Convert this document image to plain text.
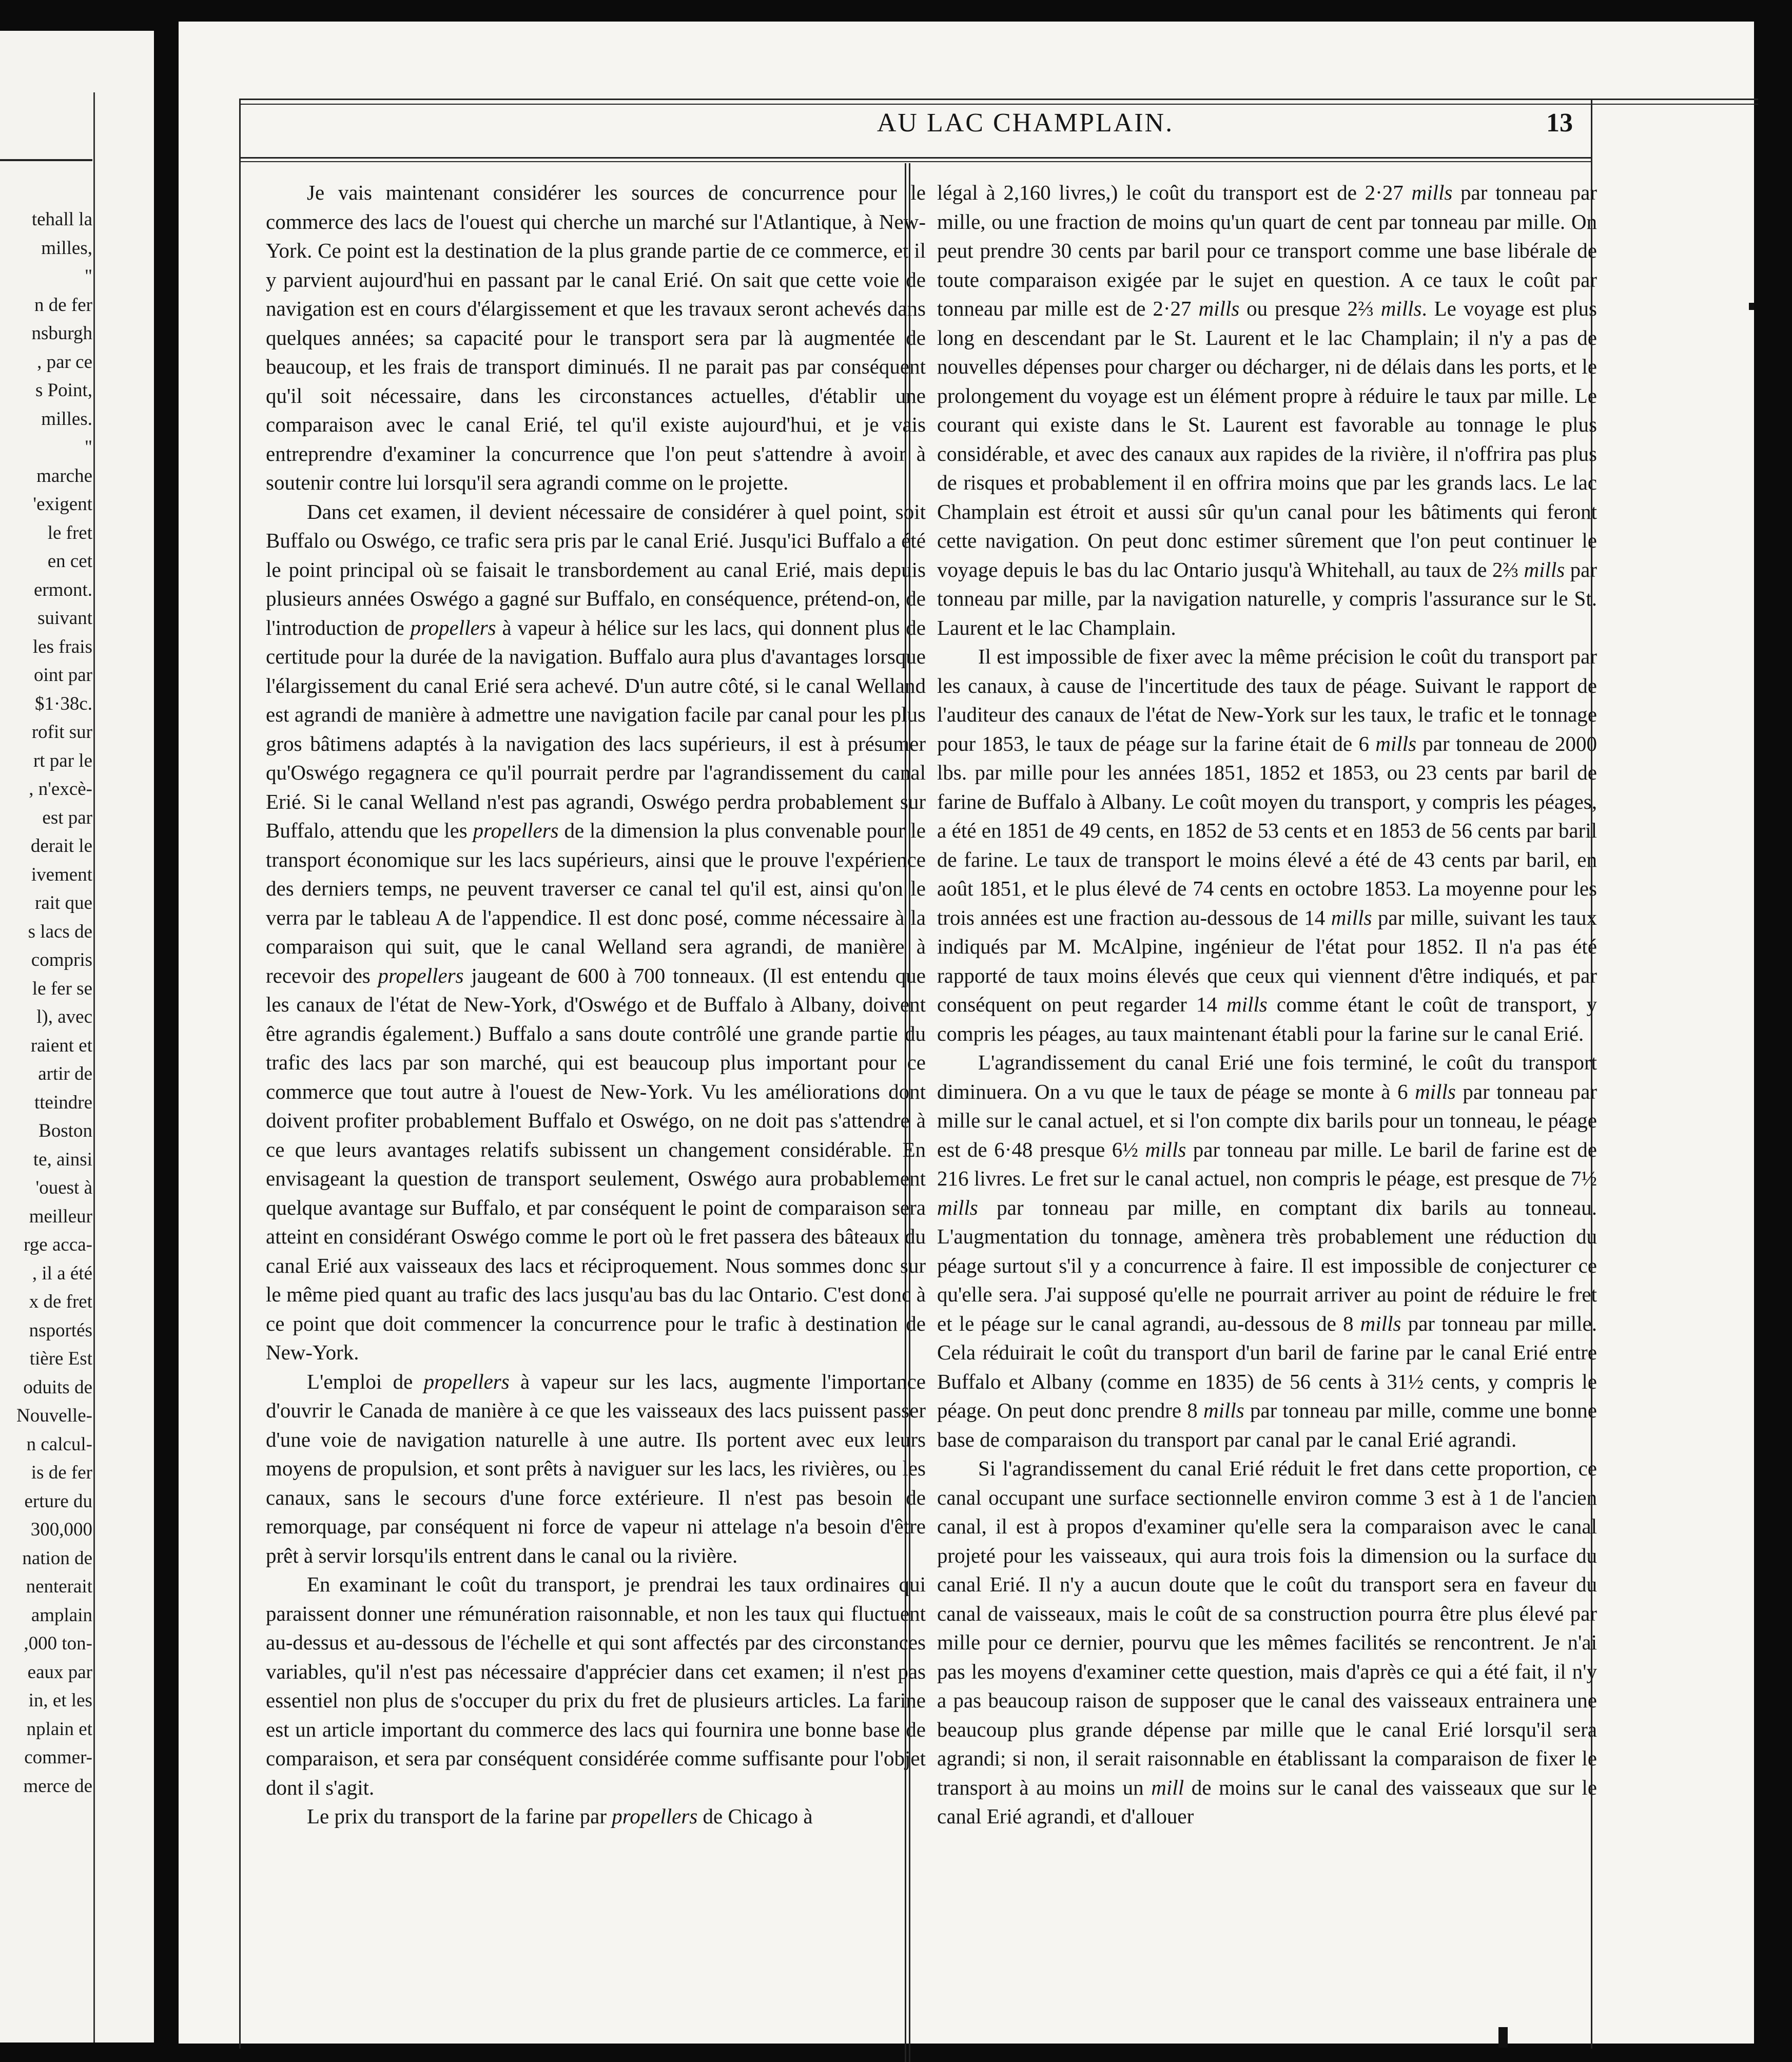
tehall la
milles,
"
n de fer
nsburgh
, par ce
s Point,
milles.
"
marche
'exigent
le fret
en cet
ermont.
suivant
les frais
oint par
$1·38c.
rofit sur
rt par le
, n'excè-
est par
derait le
ivement
rait que
s lacs de
compris
le fer se
l), avec
raient et
artir de
tteindre
Boston
te, ainsi
'ouest à
meilleur
rge acca-
, il a été
x de fret
nsportés
tière Est
oduits de
Nouvelle-
n calcul-
is de fer
erture du
300,000
nation de
nenterait
amplain
,000 ton-
eaux par
in, et les
nplain et
commer-
merce de
AU LAC CHAMPLAIN.	13

Je vais maintenant considérer les sources de concurrence pour le commerce des lacs de l'ouest qui cherche un marché sur l'Atlantique, à New-York. Ce point est la destination de la plus grande partie de ce commerce, et il y parvient aujourd'hui en passant par le canal Erié. On sait que cette voie de navigation est en cours d'élargissement et que les travaux seront achevés dans quelques années; sa capacité pour le transport sera par là augmentée de beaucoup, et les frais de transport diminués. Il ne parait pas par conséquent qu'il soit nécessaire, dans les circonstances actuelles, d'établir une comparaison avec le canal Erié, tel qu'il existe aujourd'hui, et je vais entreprendre d'examiner la concurrence que l'on peut s'attendre à avoir à soutenir contre lui lorsqu'il sera agrandi comme on le projette.

Dans cet examen, il devient nécessaire de considérer à quel point, soit Buffalo ou Oswégo, ce trafic sera pris par le canal Erié. Jusqu'ici Buffalo a été le point principal où se faisait le transbordement au canal Erié, mais depuis plusieurs années Oswégo a gagné sur Buffalo, en conséquence, prétend-on, de l'introduction de propellers à vapeur à hélice sur les lacs, qui donnent plus de certitude pour la durée de la navigation. Buffalo aura plus d'avantages lorsque l'élargissement du canal Erié sera achevé. D'un autre côté, si le canal Welland est agrandi de manière à admettre une navigation facile par canal pour les plus gros bâtimens adaptés à la navigation des lacs supérieurs, il est à présumer qu'Oswégo regagnera ce qu'il pourrait perdre par l'agrandissement du canal Erié. Si le canal Welland n'est pas agrandi, Oswégo perdra probablement sur Buffalo, attendu que les propellers de la dimension la plus convenable pour le transport économique sur les lacs supérieurs, ainsi que le prouve l'expérience des derniers temps, ne peuvent traverser ce canal tel qu'il est, ainsi qu'on le verra par le tableau A de l'appendice. Il est donc posé, comme nécessaire à la comparaison qui suit, que le canal Welland sera agrandi, de manière à recevoir des propellers jaugeant de 600 à 700 tonneaux. (Il est entendu que les canaux de l'état de New-York, d'Oswégo et de Buffalo à Albany, doivent être agrandis également.) Buffalo a sans doute contrôlé une grande partie du trafic des lacs par son marché, qui est beaucoup plus important pour ce commerce que tout autre à l'ouest de New-York. Vu les améliorations dont doivent profiter probablement Buffalo et Oswégo, on ne doit pas s'attendre à ce que leurs avantages relatifs subissent un changement considérable. En envisageant la question de transport seulement, Oswégo aura probablement quelque avantage sur Buffalo, et par conséquent le point de comparaison sera atteint en considérant Oswégo comme le port où le fret passera des bâteaux du canal Erié aux vaisseaux des lacs et réciproquement. Nous sommes donc sur le même pied quant au trafic des lacs jusqu'au bas du lac Ontario. C'est donc à ce point que doit commencer la concurrence pour le trafic à destination de New-York.

L'emploi de propellers à vapeur sur les lacs, augmente l'importance d'ouvrir le Canada de manière à ce que les vaisseaux des lacs puissent passer d'une voie de navigation naturelle à une autre. Ils portent avec eux leurs moyens de propulsion, et sont prêts à naviguer sur les lacs, les rivières, ou les canaux, sans le secours d'une force extérieure. Il n'est pas besoin de remorquage, par conséquent ni force de vapeur ni attelage n'a besoin d'être prêt à servir lorsqu'ils entrent dans le canal ou la rivière.

En examinant le coût du transport, je prendrai les taux ordinaires qui paraissent donner une rémunération raisonnable, et non les taux qui fluctuent au-dessus et au-dessous de l'échelle et qui sont affectés par des circonstances variables, qu'il n'est pas nécessaire d'apprécier dans cet examen; il n'est pas essentiel non plus de s'occuper du prix du fret de plusieurs articles. La farine est un article important du commerce des lacs qui fournira une bonne base de comparaison, et sera par conséquent considérée comme suffisante pour l'objet dont il s'agit.

Le prix du transport de la farine par propellers de Chicago à

légal à 2,160 livres,) le coût du transport est de 2·27 mills par tonneau par mille, ou une fraction de moins qu'un quart de cent par tonneau par mille. On peut prendre 30 cents par baril pour ce transport comme une base libérale de toute comparaison exigée par le sujet en question. A ce taux le coût par tonneau par mille est de 2·27 mills ou presque 2⅔ mills. Le voyage est plus long en descendant par le St. Laurent et le lac Champlain; il n'y a pas de nouvelles dépenses pour charger ou décharger, ni de délais dans les ports, et le prolongement du voyage est un élément propre à réduire le taux par mille. Le courant qui existe dans le St. Laurent est favorable au tonnage le plus considérable, et avec des canaux aux rapides de la rivière, il n'offrira pas plus de risques et probablement il en offrira moins que par les grands lacs. Le lac Champlain est étroit et aussi sûr qu'un canal pour les bâtiments qui feront cette navigation. On peut donc estimer sûrement que l'on peut continuer le voyage depuis le bas du lac Ontario jusqu'à Whitehall, au taux de 2⅔ mills par tonneau par mille, par la navigation naturelle, y compris l'assurance sur le St. Laurent et le lac Champlain.

Il est impossible de fixer avec la même précision le coût du transport par les canaux, à cause de l'incertitude des taux de péage. Suivant le rapport de l'auditeur des canaux de l'état de New-York sur les taux, le trafic et le tonnage pour 1853, le taux de péage sur la farine était de 6 mills par tonneau de 2000 lbs. par mille pour les années 1851, 1852 et 1853, ou 23 cents par baril de farine de Buffalo à Albany. Le coût moyen du transport, y compris les péages, a été en 1851 de 49 cents, en 1852 de 53 cents et en 1853 de 56 cents par baril de farine. Le taux de transport le moins élevé a été de 43 cents par baril, en août 1851, et le plus élevé de 74 cents en octobre 1853. La moyenne pour les trois années est une fraction au-dessous de 14 mills par mille, suivant les taux indiqués par M. McAlpine, ingénieur de l'état pour 1852. Il n'a pas été rapporté de taux moins élevés que ceux qui viennent d'être indiqués, et par conséquent on peut regarder 14 mills comme étant le coût de transport, y compris les péages, au taux maintenant établi pour la farine sur le canal Erié.

L'agrandissement du canal Erié une fois terminé, le coût du transport diminuera. On a vu que le taux de péage se monte à 6 mills par tonneau par mille sur le canal actuel, et si l'on compte dix barils pour un tonneau, le péage est de 6·48 presque 6½ mills par tonneau par mille. Le baril de farine est de 216 livres. Le fret sur le canal actuel, non compris le péage, est presque de 7½ mills par tonneau par mille, en comptant dix barils au tonneau. L'augmentation du tonnage, amènera très probablement une réduction du péage surtout s'il y a concurrence à faire. Il est impossible de conjecturer ce qu'elle sera. J'ai supposé qu'elle ne pourrait arriver au point de réduire le fret et le péage sur le canal agrandi, au-dessous de 8 mills par tonneau par mille. Cela réduirait le coût du transport d'un baril de farine par le canal Erié entre Buffalo et Albany (comme en 1835) de 56 cents à 31½ cents, y compris le péage. On peut donc prendre 8 mills par tonneau par mille, comme une bonne base de comparaison du transport par canal par le canal Erié agrandi.

Si l'agrandissement du canal Erié réduit le fret dans cette proportion, ce canal occupant une surface sectionnelle environ comme 3 est à 1 de l'ancien canal, il est à propos d'examiner qu'elle sera la comparaison avec le canal projeté pour les vaisseaux, qui aura trois fois la dimension ou la surface du canal Erié. Il n'y a aucun doute que le coût du transport sera en faveur du canal de vaisseaux, mais le coût de sa construction pourra être plus élevé par mille pour ce dernier, pourvu que les mêmes facilités se rencontrent. Je n'ai pas les moyens d'examiner cette question, mais d'après ce qui a été fait, il n'y a pas beaucoup raison de supposer que le canal des vaisseaux entrainera une beaucoup plus grande dépense par mille que le canal Erié lorsqu'il sera agrandi; si non, il serait raisonnable en établissant la comparaison de fixer le transport à au moins un mill de moins sur le canal des vaisseaux que sur le canal Erié agrandi, et d'allouer
